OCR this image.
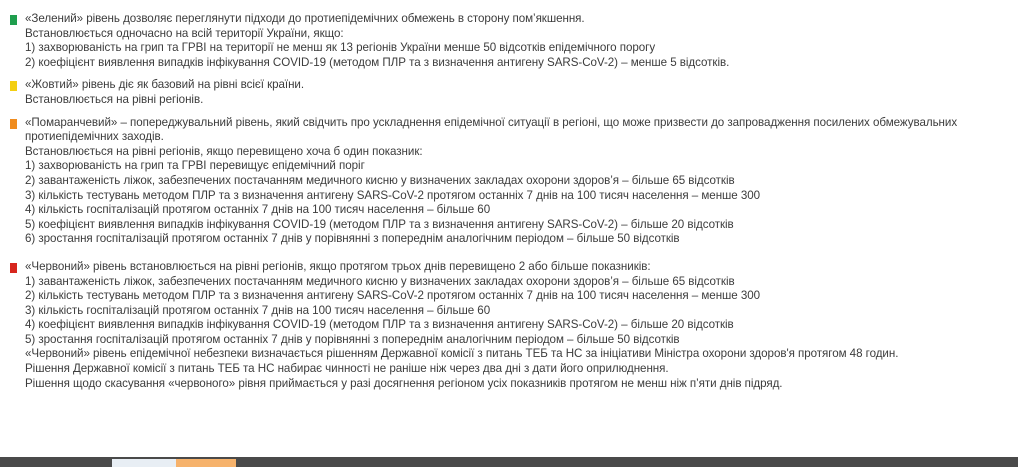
«Зелений» рівень дозволяє переглянути підходи до протиепідемічних обмежень в сторону пом’якшення.
Встановлюється одночасно на всій території України, якщо:
1) захворюваність на грип та ГРВІ на території не менш як 13 регіонів України менше 50 відсотків епідемічного порогу
2) коефіцієнт виявлення випадків інфікування COVID-19 (методом ПЛР та з визначення антигену SARS-CoV-2) – менше 5 відсотків.
«Жовтий» рівень діє як базовий на рівні всієї країни.
Встановлюється на рівні регіонів.
«Помаранчевий» – попереджувальний рівень, який свідчить про ускладнення епідемічної ситуації в регіоні, що може призвести до запровадження посилених обмежувальних протиепідемічних заходів.
Встановлюється на рівні регіонів, якщо перевищено хоча б один показник:
1) захворюваність на грип та ГРВІ перевищує епідемічний поріг
2) завантаженість ліжок, забезпечених постачанням медичного кисню у визначених закладах охорони здоров’я – більше 65 відсотків
3) кількість тестувань методом ПЛР та з визначення антигену SARS-CoV-2 протягом останніх 7 днів на 100 тисяч населення – менше 300
4) кількість госпіталізацій протягом останніх 7 днів на 100 тисяч населення – більше 60
5) коефіцієнт виявлення випадків інфікування COVID-19 (методом ПЛР та з визначення антигену SARS-CoV-2) – більше 20 відсотків
6) зростання госпіталізацій протягом останніх 7 днів у порівнянні з попереднім аналогічним періодом – більше 50 відсотків
«Червоний» рівень встановлюється на рівні регіонів, якщо протягом трьох днів перевищено 2 або більше показників:
1) завантаженість ліжок, забезпечених постачанням медичного кисню у визначених закладах охорони здоров’я – більше 65 відсотків
2) кількість тестувань методом ПЛР та з визначення антигену SARS-CoV-2 протягом останніх 7 днів на 100 тисяч населення – менше 300
3) кількість госпіталізацій протягом останніх 7 днів на 100 тисяч населення – більше 60
4) коефіцієнт виявлення випадків інфікування COVID-19 (методом ПЛР та з визначення антигену SARS-CoV-2) – більше 20 відсотків
5) зростання госпіталізацій протягом останніх 7 днів у порівнянні з попереднім аналогічним періодом – більше 50 відсотків
«Червоний» рівень епідемічної небезпеки визначається рішенням Державної комісії з питань ТЕБ та НС за ініціативи Міністра охорони здоров'я протягом 48 годин.
Рішення Державної комісії з питань ТЕБ та НС набирає чинності не раніше ніж через два дні з дати його оприлюднення.
Рішення щодо скасування «червоного» рівня приймається у разі досягнення регіоном усіх показників протягом не менш ніж п’яти днів підряд.
